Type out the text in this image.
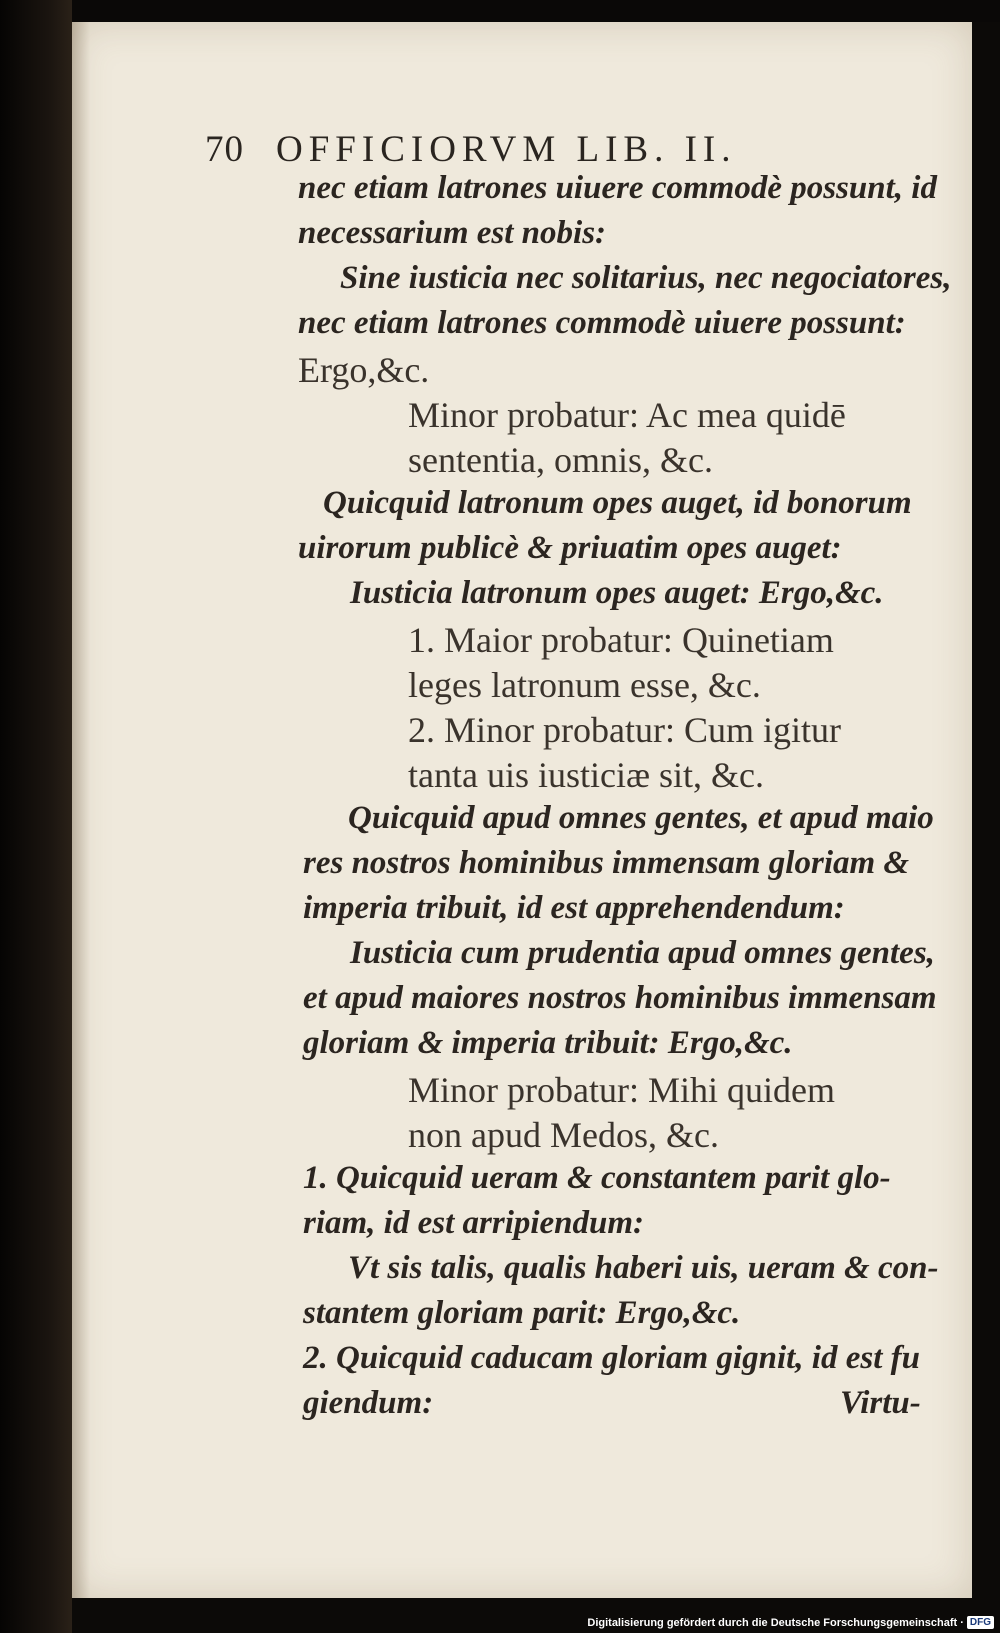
70 OFFICIORVM LIB. II.
nec etiam latrones uiuere commodè possunt, id
necessarium est nobis:
Sine iusticia nec solitarius, nec negociatores,
nec etiam latrones commodè uiuere possunt:
Ergo,&c.
Minor probatur: Ac mea quidē
sententia, omnis, &c.
Quicquid latronum opes auget, id bonorum
uirorum publicè & priuatim opes auget:
Iusticia latronum opes auget: Ergo,&c.
1. Maior probatur: Quinetiam
leges latronum esse, &c.
2. Minor probatur: Cum igitur
tanta uis iusticiæ sit, &c.
Quicquid apud omnes gentes, et apud maio
res nostros hominibus immensam gloriam &
imperia tribuit, id est apprehendendum:
Iusticia cum prudentia apud omnes gentes,
et apud maiores nostros hominibus immensam
gloriam & imperia tribuit: Ergo,&c.
Minor probatur: Mihi quidem
non apud Medos, &c.
1. Quicquid ueram & constantem parit glo-
riam, id est arripiendum:
Vt sis talis, qualis haberi uis, ueram & con-
stantem gloriam parit: Ergo,&c.
2. Quicquid caducam gloriam gignit, id est fu
giendum:	Virtu-
Digitalisierung gefördert durch die Deutsche Forschungsgemeinschaft · DFG
